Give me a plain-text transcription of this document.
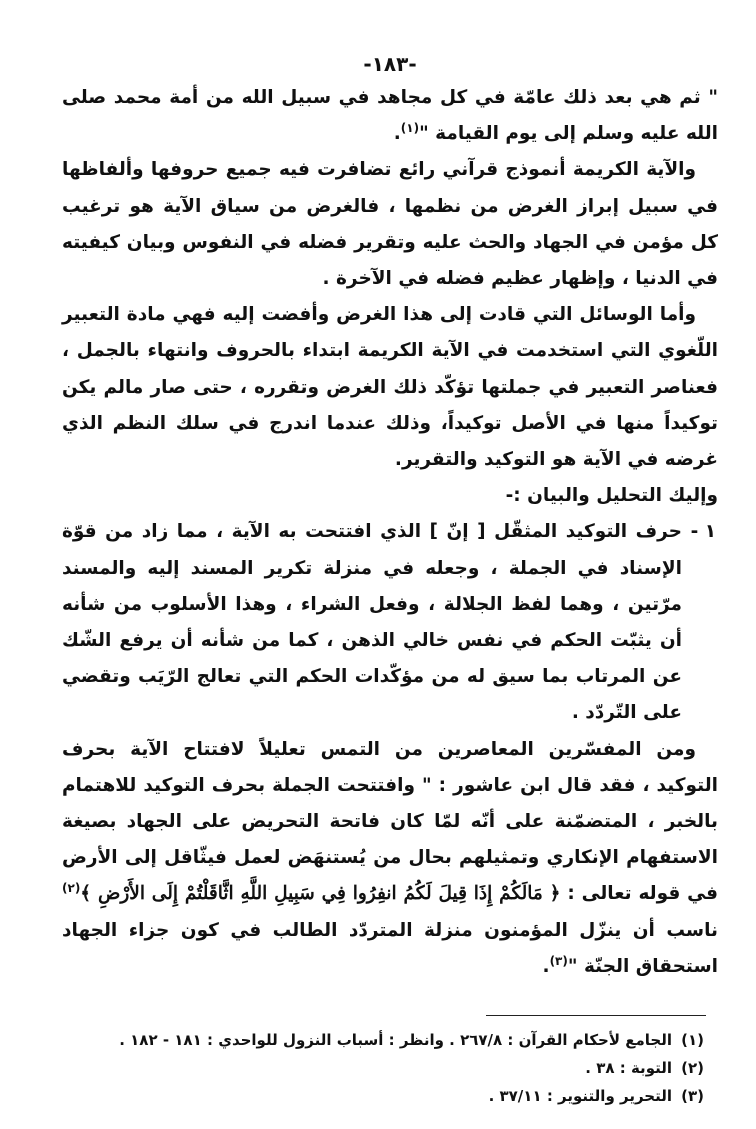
-١٨٣-

" ثم هي بعد ذلك عامّة في كل مجاهد في سبيل الله من أمة محمد صلى الله عليه وسلم إلى يوم القيامة "$^{(١)}$.

والآية الكريمة أنموذج قرآني رائع تضافرت فيه جميع حروفها وألفاظها في سبيل إبراز الغرض من نظمها ، فالغرض من سياق الآية هو ترغيب كل مؤمن في الجهاد والحث عليه وتقرير فضله في النفوس وبيان كيفيته في الدنيا ، وإظهار عظيم فضله في الآخرة .

وأما الوسائل التي قادت إلى هذا الغرض وأفضت إليه فهي مادة التعبير اللّغوي التي استخدمت في الآية الكريمة ابتداء بالحروف وانتهاء بالجمل ، فعناصر التعبير في جملتها تؤكّد ذلك الغرض وتقرره ، حتى صار مالم يكن توكيداً منها في الأصل توكيداً، وذلك عندما اندرج في سلك النظم الذي غرضه في الآية هو التوكيد والتقرير.

وإليك التحليل والبيان :-

١ -
حرف التوكيد المثقّل [ إنّ ] الذي افتتحت به الآية ، مما زاد من قوّة الإسناد في الجملة ، وجعله في منزلة تكرير المسند إليه والمسند مرّتين ، وهما لفظ الجلالة ، وفعل الشراء ، وهذا الأسلوب من شأنه أن يثبّت الحكم في نفس خالي الذهن ، كما من شأنه أن يرفع الشّك عن المرتاب بما سيق له من مؤكّدات الحكم التي تعالج الرّيَب وتقضي على التّردّد .

ومن المفسّرين المعاصرين من التمس تعليلاً لافتتاح الآية بحرف التوكيد ، فقد قال ابن عاشور : " وافتتحت الجملة بحرف التوكيد للاهتمام بالخبر ، المتضمّنة على أنّه لمّا كان فاتحة التحريض على الجهاد بصيغة الاستفهام الإنكاري وتمثيلهم بحال من يُستنهَض لعمل فيثّاقل إلى الأرض في قوله تعالى : ﴿ مَالَكُمْ إِذَا قِيلَ لَكُمُ انفِرُوا فِي سَبِيلِ اللَّهِ اثَّاقَلْتُمْ إِلَى الأَرْضِ ﴾$^{(٢)}$ ناسب أن ينزّل المؤمنون منزلة المتردّد الطالب في كون جزاء الجهاد استحقاق الجنّة "$^{(٣)}$.

(١)
الجامع لأحكام القرآن : ٢٦٧/٨ . وانظر : أسباب النزول للواحدي : ١٨١ - ١٨٢ .
(٢)
التوبة : ٣٨ .
(٣)
التحرير والتنوير : ٣٧/١١ .
